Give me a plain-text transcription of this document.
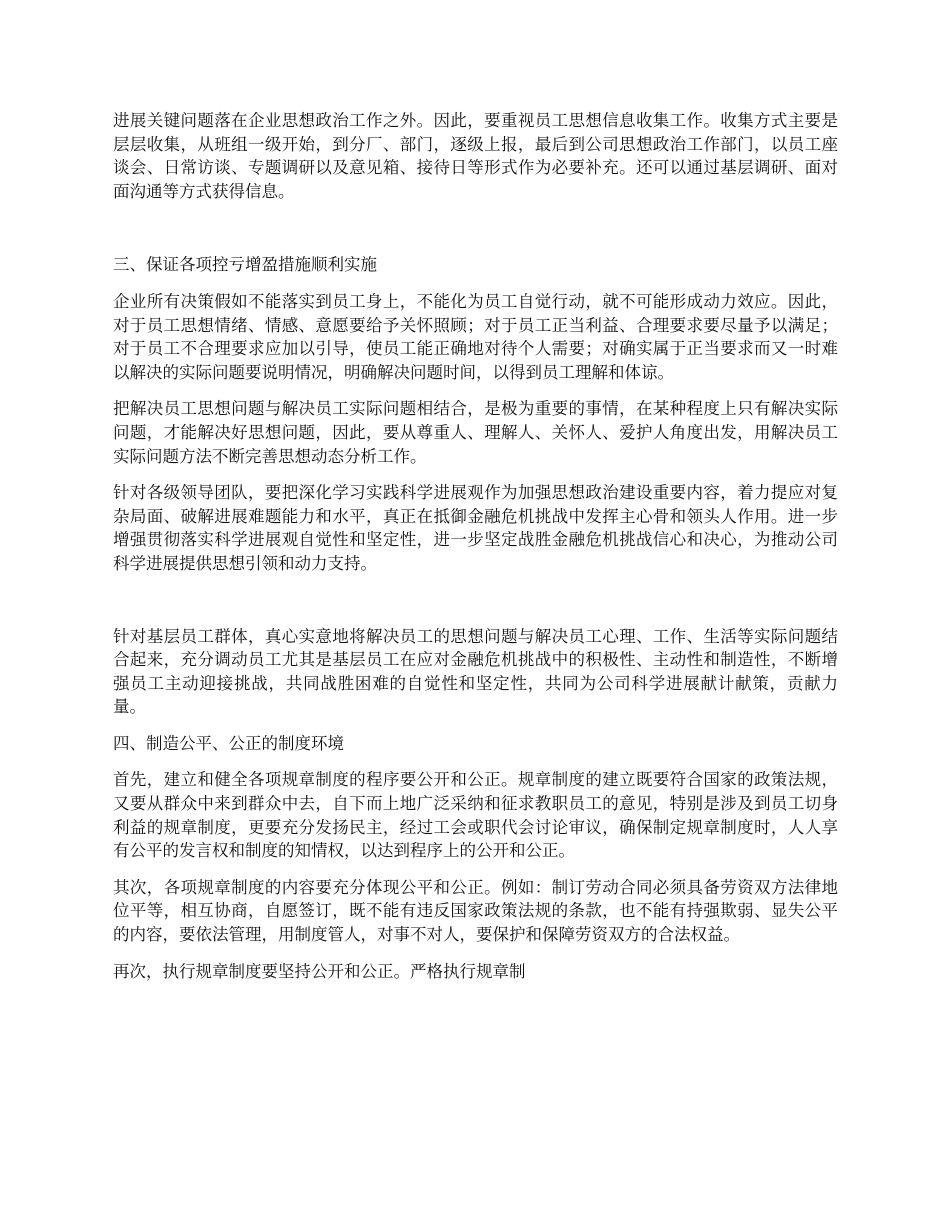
进展关键问题落在企业思想政治工作之外。因此，要重视员工思想信息收集工作。收集方式主要是层层收集，从班组一级开始，到分厂、部门，逐级上报，最后到公司思想政治工作部门，以员工座谈会、日常访谈、专题调研以及意见箱、接待日等形式作为必要补充。还可以通过基层调研、面对面沟通等方式获得信息。

三、保证各项控亏增盈措施顺利实施

企业所有决策假如不能落实到员工身上，不能化为员工自觉行动，就不可能形成动力效应。因此，对于员工思想情绪、情感、意愿要给予关怀照顾；对于员工正当利益、合理要求要尽量予以满足；对于员工不合理要求应加以引导，使员工能正确地对待个人需要；对确实属于正当要求而又一时难以解决的实际问题要说明情况，明确解决问题时间，以得到员工理解和体谅。

把解决员工思想问题与解决员工实际问题相结合，是极为重要的事情，在某种程度上只有解决实际问题，才能解决好思想问题，因此，要从尊重人、理解人、关怀人、爱护人角度出发，用解决员工实际问题方法不断完善思想动态分析工作。

针对各级领导团队，要把深化学习实践科学进展观作为加强思想政治建设重要内容，着力提应对复杂局面、破解进展难题能力和水平，真正在抵御金融危机挑战中发挥主心骨和领头人作用。进一步增强贯彻落实科学进展观自觉性和坚定性，进一步坚定战胜金融危机挑战信心和决心，为推动公司科学进展提供思想引领和动力支持。

针对基层员工群体，真心实意地将解决员工的思想问题与解决员工心理、工作、生活等实际问题结合起来，充分调动员工尤其是基层员工在应对金融危机挑战中的积极性、主动性和制造性，不断增强员工主动迎接挑战，共同战胜困难的自觉性和坚定性，共同为公司科学进展献计献策，贡献力量。

四、制造公平、公正的制度环境

首先，建立和健全各项规章制度的程序要公开和公正。规章制度的建立既要符合国家的政策法规，又要从群众中来到群众中去，自下而上地广泛采纳和征求教职员工的意见，特别是涉及到员工切身利益的规章制度，更要充分发扬民主，经过工会或职代会讨论审议，确保制定规章制度时，人人享有公平的发言权和制度的知情权，以达到程序上的公开和公正。

其次，各项规章制度的内容要充分体现公平和公正。例如：制订劳动合同必须具备劳资双方法律地位平等，相互协商，自愿签订，既不能有违反国家政策法规的条款，也不能有持强欺弱、显失公平的内容，要依法管理，用制度管人，对事不对人，要保护和保障劳资双方的合法权益。

再次，执行规章制度要坚持公开和公正。严格执行规章制
